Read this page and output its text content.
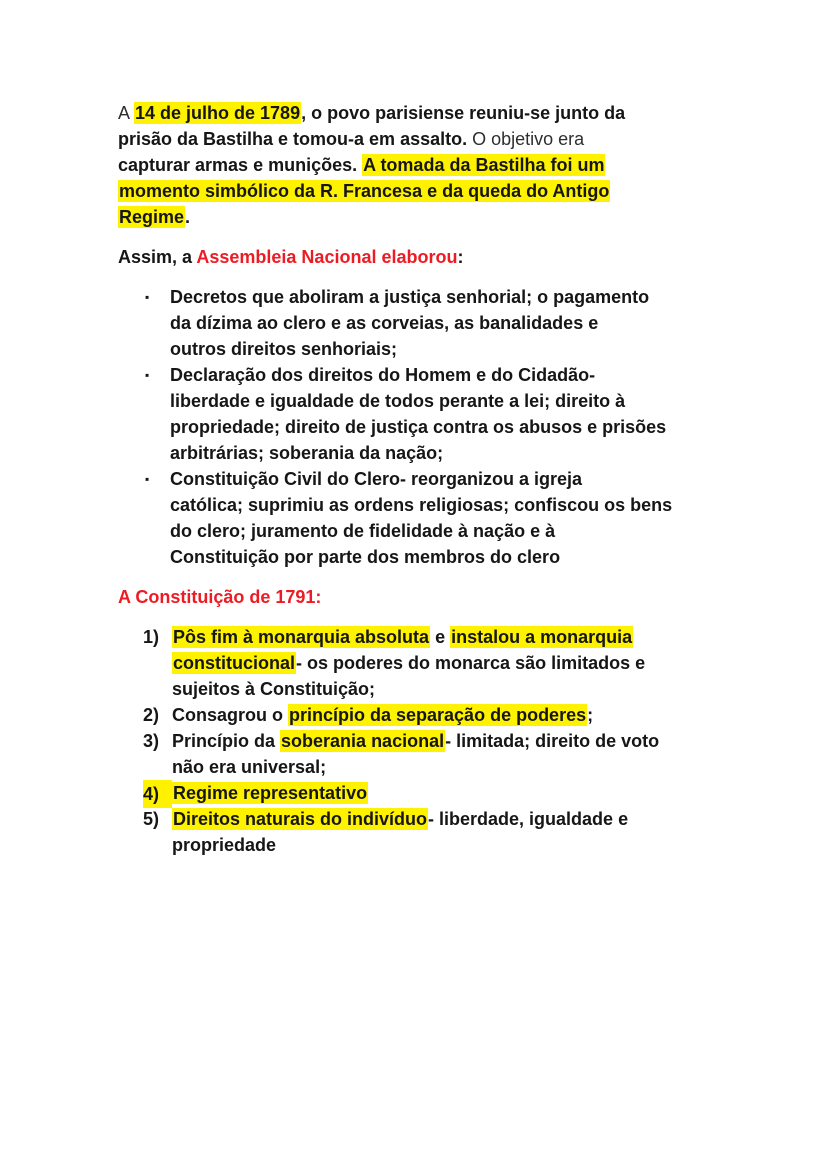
A 14 de julho de 1789, o povo parisiense reuniu-se junto da
prisão da Bastilha e tomou-a em assalto. O objetivo era
capturar armas e munições. A tomada da Bastilha foi um
momento simbólico da R. Francesa e da queda do Antigo
Regime.
Assim, a Assembleia Nacional elaborou:
▪	Decretos que aboliram a justiça senhorial; o pagamento
da dízima ao clero e as corveias, as banalidades e
outros direitos senhoriais;
▪	Declaração dos direitos do Homem e do Cidadão-
liberdade e igualdade de todos perante a lei; direito à
propriedade; direito de justiça contra os abusos e prisões
arbitrárias; soberania da nação;
▪	Constituição Civil do Clero- reorganizou a igreja
católica; suprimiu as ordens religiosas; confiscou os bens
do clero; juramento de fidelidade à nação e à
Constituição por parte dos membros do clero
A Constituição de 1791:
1) Pôs fim à monarquia absoluta e instalou a monarquia
constitucional- os poderes do monarca são limitados e
sujeitos à Constituição;
2) Consagrou o princípio da separação de poderes;
3) Princípio da soberania nacional- limitada; direito de voto
não era universal;
4) Regime representativo
5) Direitos naturais do indivíduo- liberdade, igualdade e
propriedade
